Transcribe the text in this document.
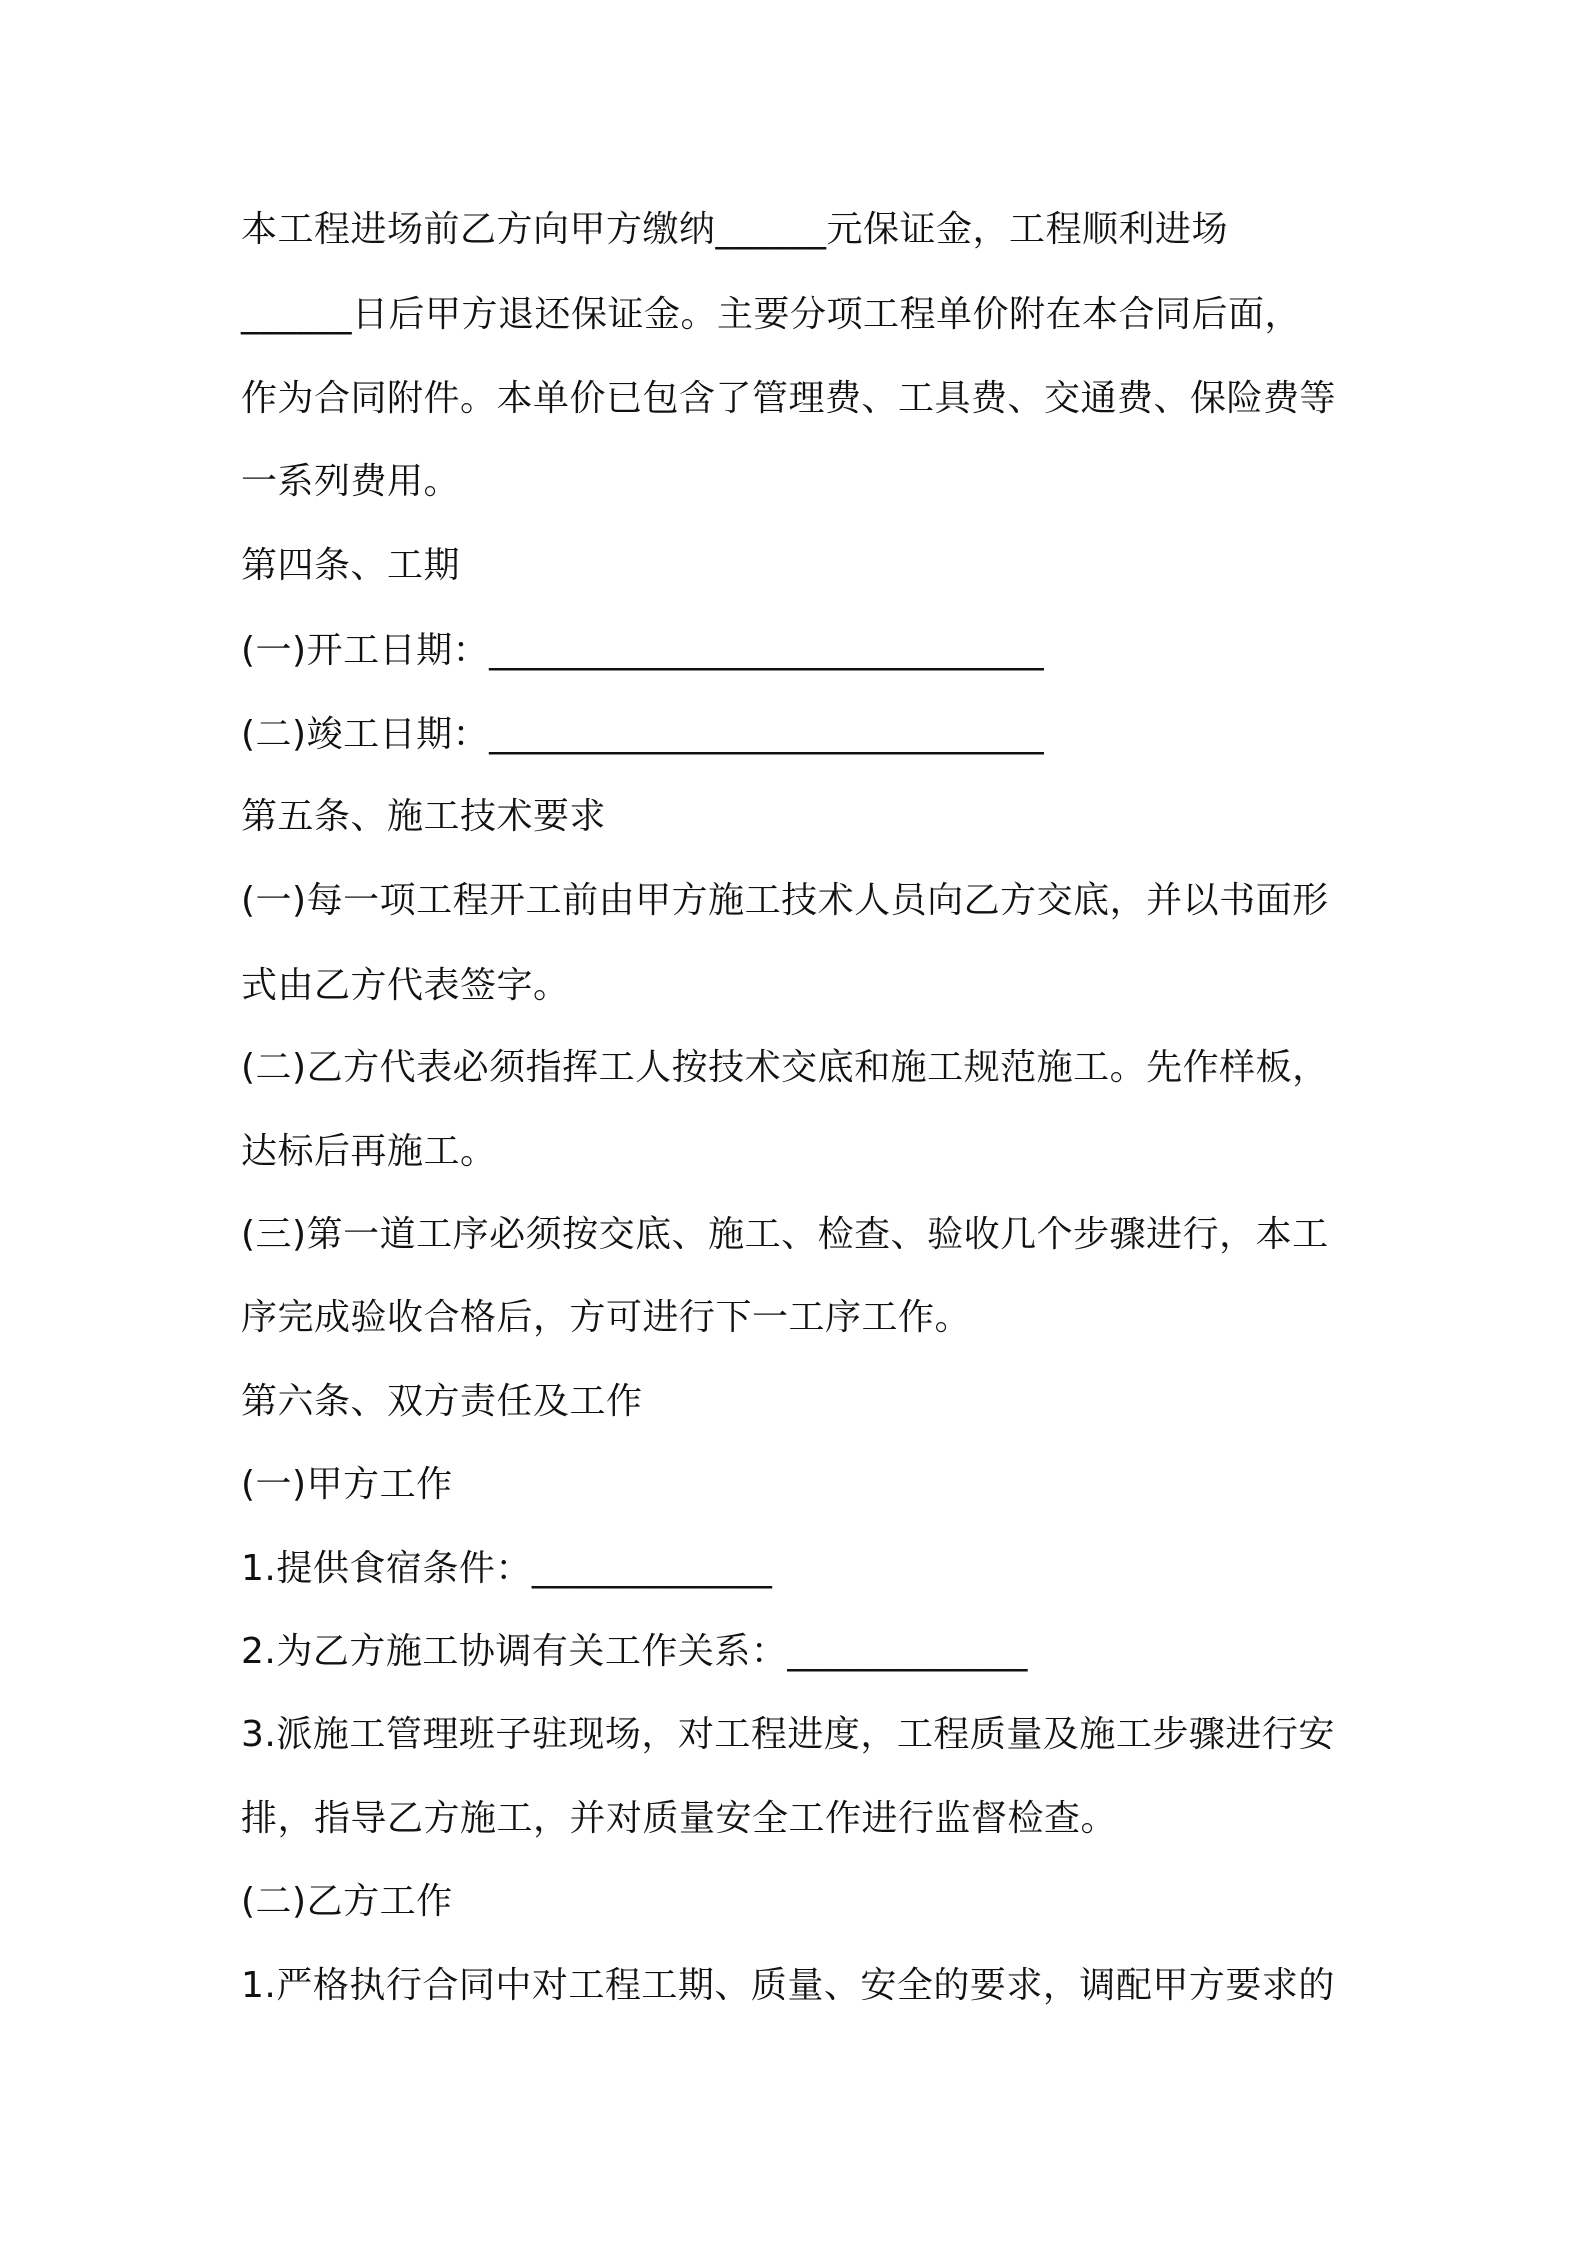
本工程进场前乙方向甲方缴纳______元保证金，工程顺利进场
______日后甲方退还保证金。主要分项工程单价附在本合同后面，
作为合同附件。本单价已包含了管理费、工具费、交通费、保险费等
一系列费用。
第四条、工期
(一)开工日期：______________________________
(二)竣工日期：______________________________
第五条、施工技术要求
(一)每一项工程开工前由甲方施工技术人员向乙方交底，并以书面形
式由乙方代表签字。
(二)乙方代表必须指挥工人按技术交底和施工规范施工。先作样板，
达标后再施工。
(三)第一道工序必须按交底、施工、检查、验收几个步骤进行，本工
序完成验收合格后，方可进行下一工序工作。
第六条、双方责任及工作
(一)甲方工作
1.提供食宿条件：_____________
2.为乙方施工协调有关工作关系：_____________
3.派施工管理班子驻现场，对工程进度，工程质量及施工步骤进行安
排，指导乙方施工，并对质量安全工作进行监督检查。
(二)乙方工作
1.严格执行合同中对工程工期、质量、安全的要求，调配甲方要求的
